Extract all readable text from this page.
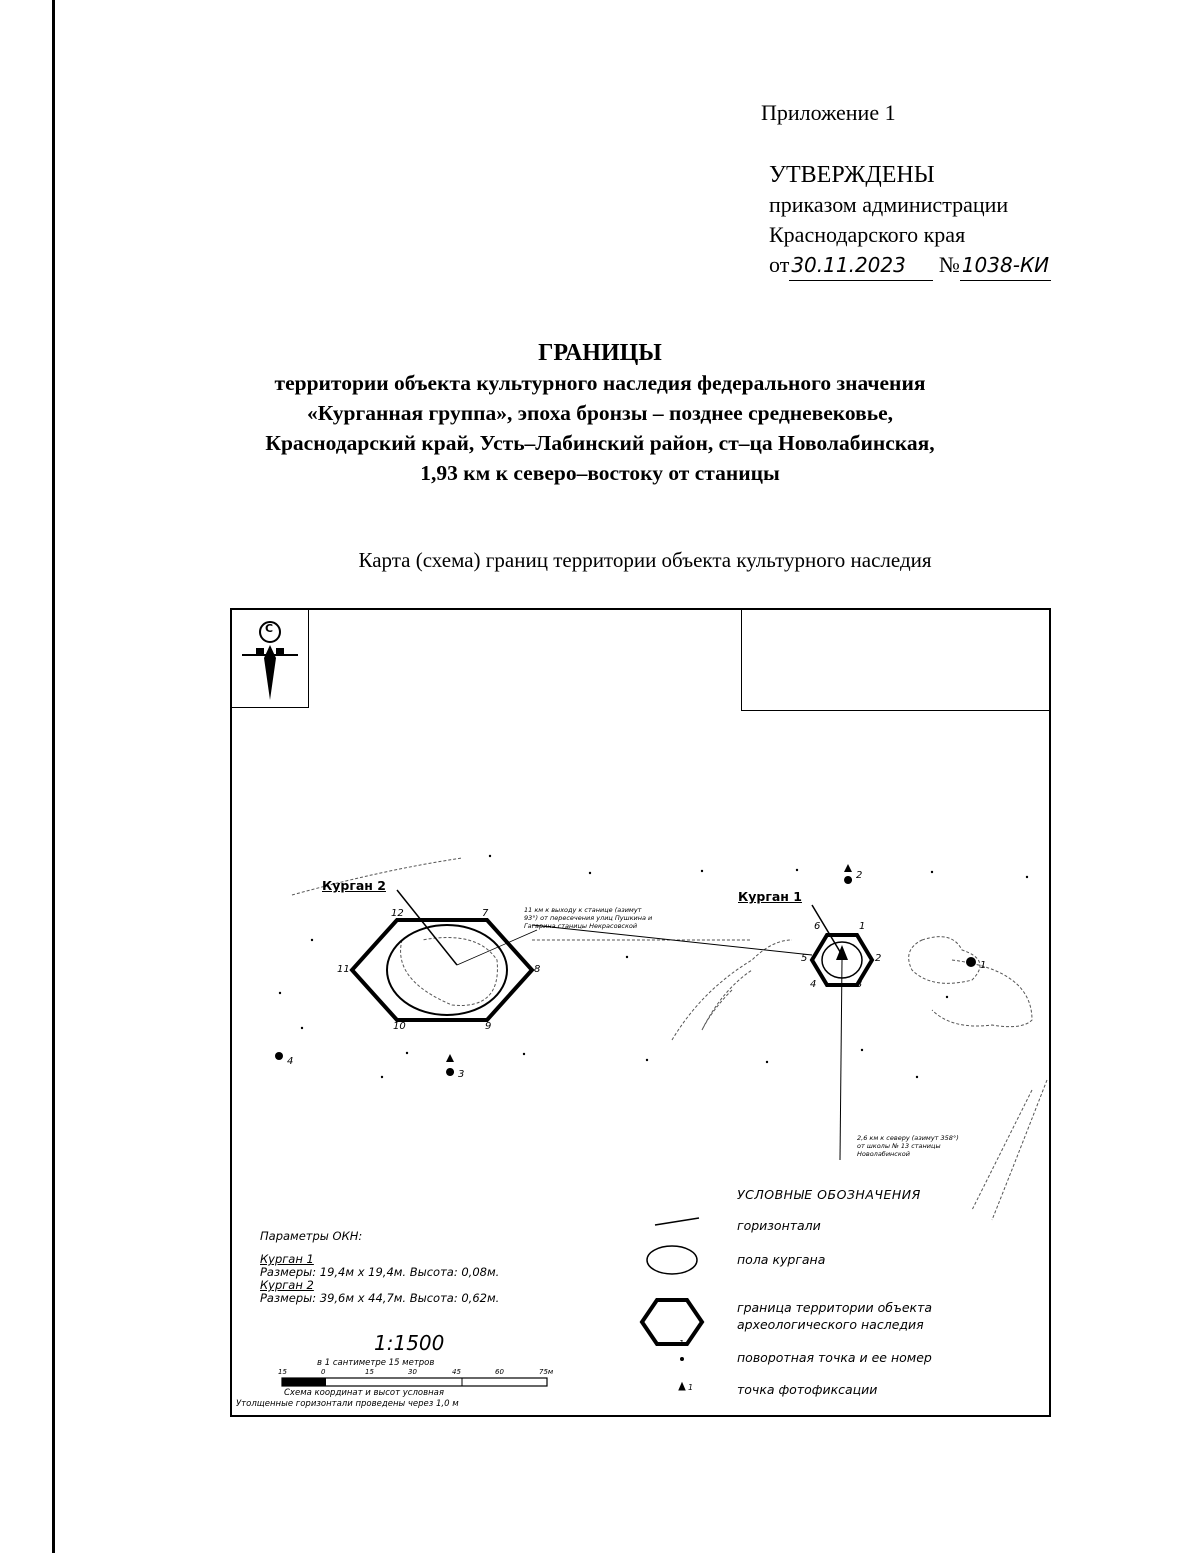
Приложение 1
УТВЕРЖДЕНЫ
приказом администрации
Краснодарского края
от 30.11.2023 № 1038-КИ
ГРАНИЦЫ
территории объекта культурного наследия федерального значения
«Курганная группа», эпоха бронзы – позднее средневековье,
Краснодарский край, Усть–Лабинский район, ст–ца Новолабинская,
1,93 км к северо–востоку от станицы
Карта (схема) границ территории объекта культурного наследия
С
Курган 2
Курган 1
12	7
8
9
10
11
6	1
2
3
4
5
1
2
3
4
11 км к выходу к станице (азимут
93°) от пересечения улиц Пушкина и
Гагарина станицы Некрасовской
2,6 км к северу (азимут 358°)
от школы № 13 станицы
Новолабинской
Параметры ОКН:
Курган 1
Размеры: 19,4м х 19,4м. Высота: 0,08м.
Курган 2
Размеры: 39,6м х 44,7м. Высота: 0,62м.
1:1500
в 1 сантиметре 15 метров
15	0	15	30	45	60	75м
Схема координат и высот условная
Утолщенные горизонтали проведены через 1,0 м
УСЛОВНЫЕ ОБОЗНАЧЕНИЯ
горизонтали
пола кургана
граница территории объекта
археологического наследия
поворотная точка и ее номер
1
точка фотофиксации
1
